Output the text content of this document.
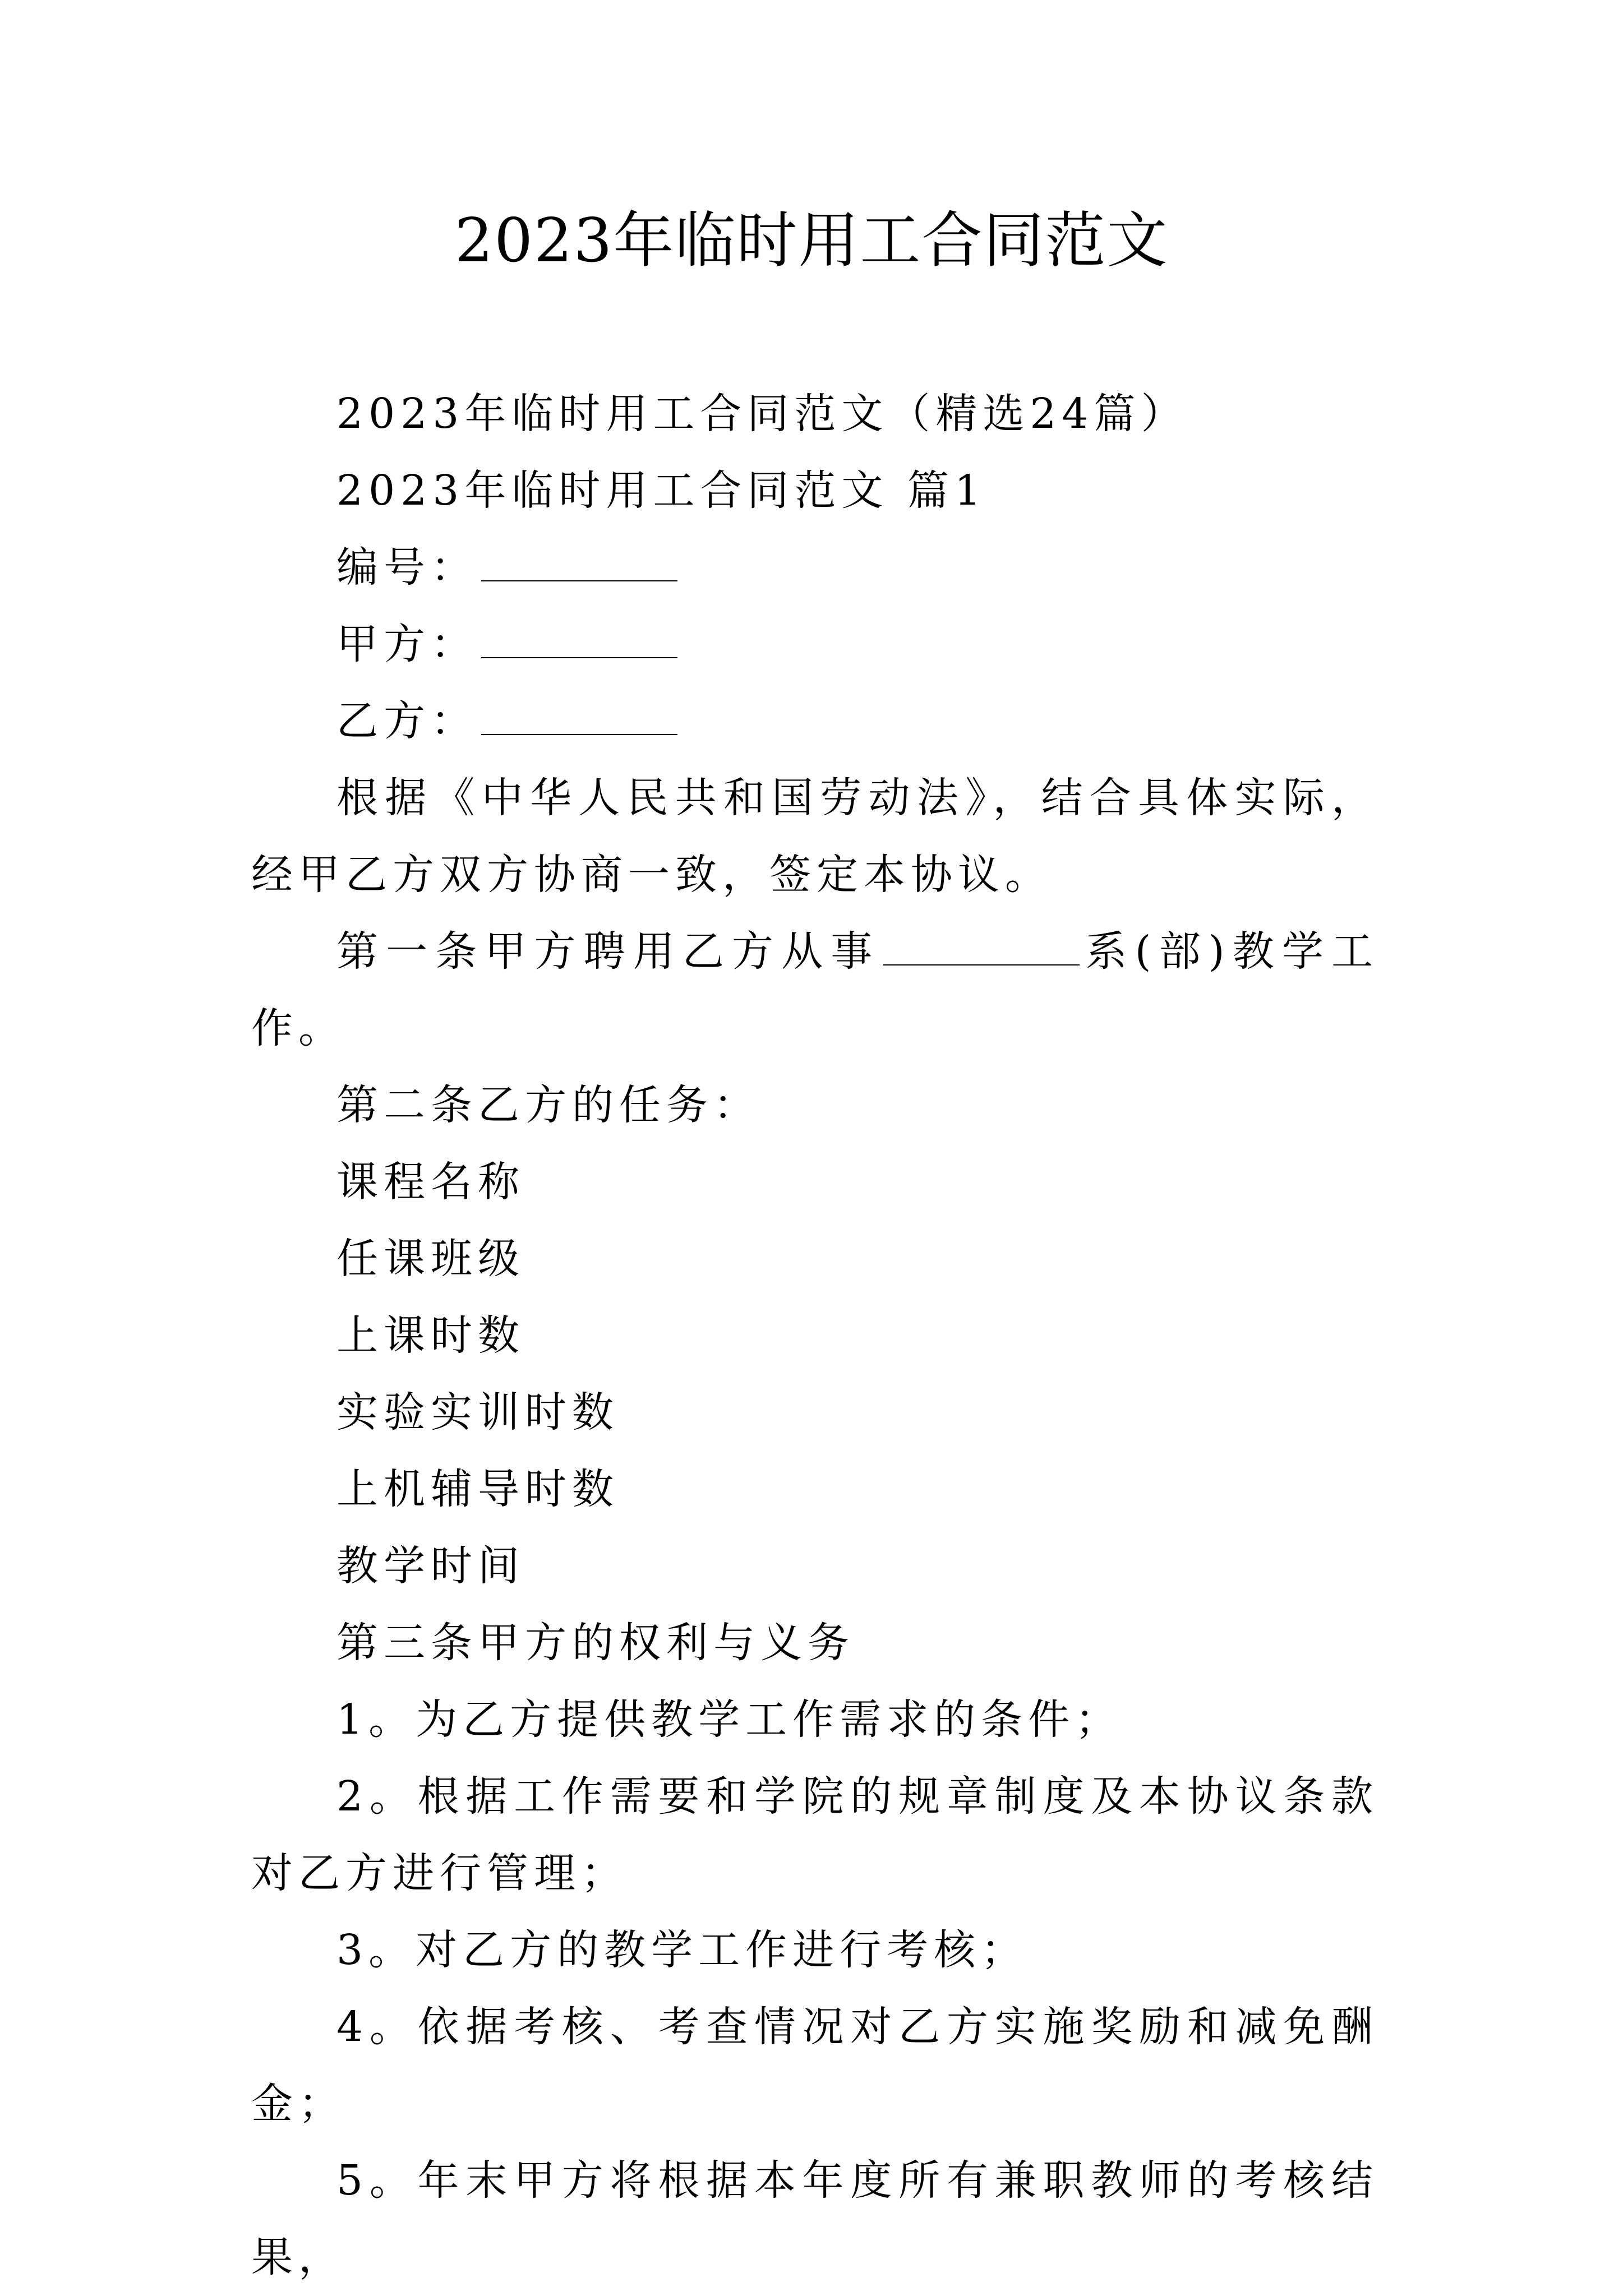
2023年临时用工合同范文

2023年临时用工合同范文（精选24篇）

2023年临时用工合同范文 篇1

编号：

甲方：

乙方：

根据《中华人民共和国劳动法》，结合具体实际，经甲乙方双方协商一致，签定本协议。

第一条甲方聘用乙方从事	系(部)教学工作。

第二条乙方的任务：

课程名称

任课班级

上课时数

实验实训时数

上机辅导时数

教学时间

第三条甲方的权利与义务

1。为乙方提供教学工作需求的条件；

2。根据工作需要和学院的规章制度及本协议条款对乙方进行管理；

3。对乙方的教学工作进行考核；

4。依据考核、考查情况对乙方实施奖励和减免酬金；

5。年末甲方将根据本年度所有兼职教师的考核结果，
